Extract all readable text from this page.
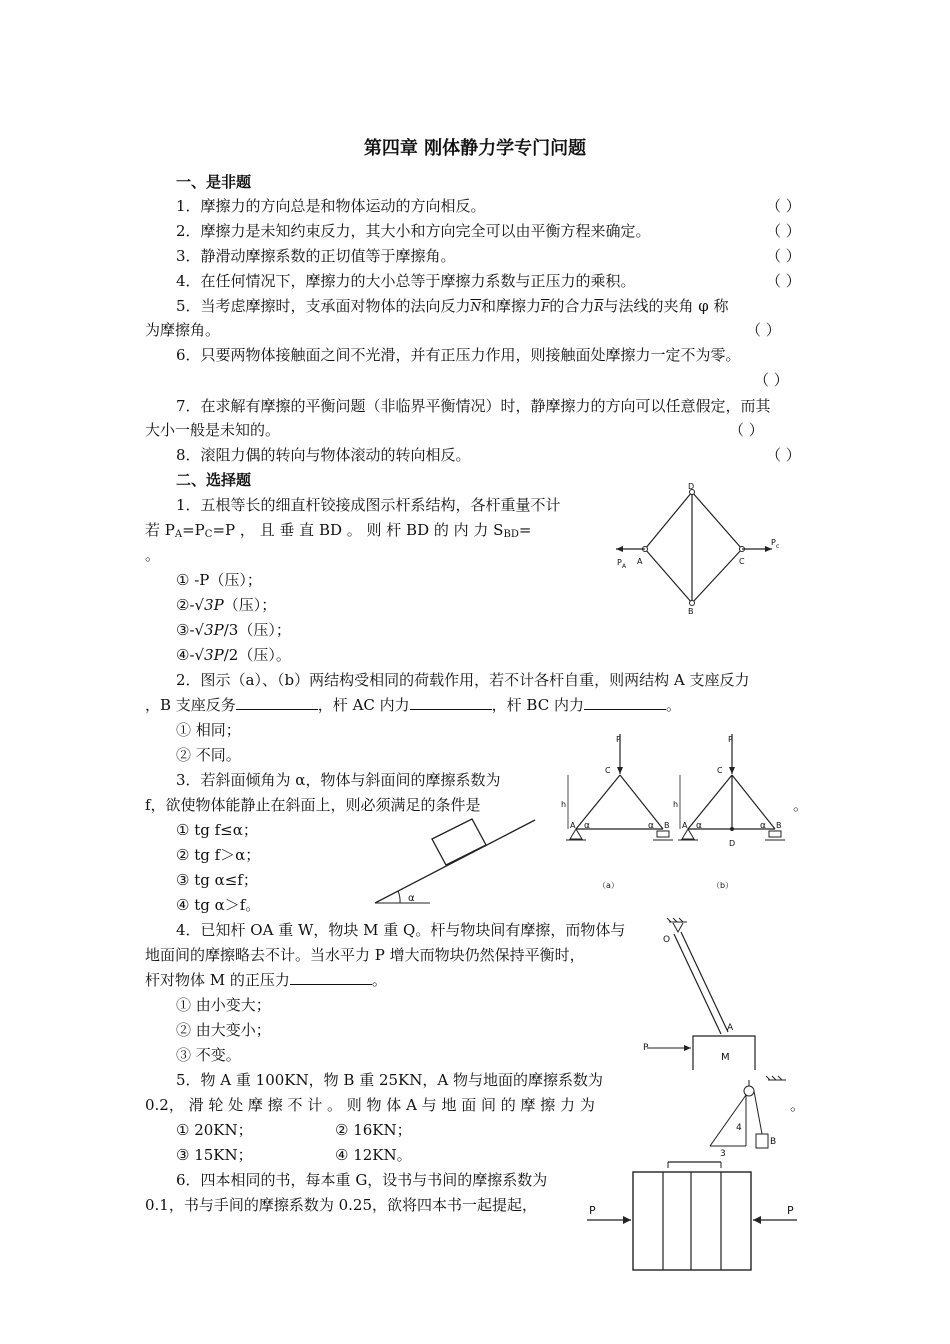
第四章 刚体静力学专门问题
一、是非题
1．摩擦力的方向总是和物体运动的方向相反。	（ ）
2．摩擦力是未知约束反力，其大小和方向完全可以由平衡方程来确定。	（ ）
3．静滑动摩擦系数的正切值等于摩擦角。	（ ）
4．在任何情况下，摩擦力的大小总等于摩擦力系数与正压力的乘积。	（ ）
5．当考虑摩擦时，支承面对物体的法向反力$\overline{N}$和摩擦力$\overline{F}$的合力$\overline{R}$与法线的夹角 φ 称
为摩擦角。	（ ）
6．只要两物体接触面之间不光滑，并有正压力作用，则接触面处摩擦力一定不为零。
（ ）
7．在求解有摩擦的平衡问题（非临界平衡情况）时，静摩擦力的方向可以任意假定，而其
大小一般是未知的。	（ ）
8．滚阻力偶的转向与物体滚动的转向相反。	（ ）
二、选择题
1．五根等长的细直杆铰接成图示杆系结构，各杆重量不计
若 $P_A=P_C=P$ ， 且 垂 直 BD 。 则 杆 BD 的 内 力 $S_{BD}=$
。
① -P（压）；
②-√3P（压）；
③-√3P/3（压）；
④-√3P/2（压）。
D
B
A	C
P A
P c
2．图示（a）、（b）两结构受相同的荷载作用，若不计各杆自重，则两结构 A 支座反力
，B 支座反务	，杆 AC 内力	，杆 BC 内力	。
① 相同；
② 不同。
P
C
h
A	B
α	α
（a）
P
C
h
A	B
D
α	α
（b）
3．若斜面倾角为 α，物体与斜面间的摩擦系数为
f，欲使物体能静止在斜面上，则必须满足的条件是	。
① tg f≤α；
② tg f＞α；
③ tg α≤f；
④ tg α＞f。	α
4．已知杆 OA 重 W，物块 M 重 Q。杆与物块间有摩擦，而物体与
地面间的摩擦略去不计。当水平力 P 增大而物块仍然保持平衡时，
杆对物体 M 的正压力	。
① 由小变大；
② 由大变小；
③ 不变。
O
A
M
P
5．物 A 重 100KN，物 B 重 25KN，A 物与地面的摩擦系数为
0.2， 滑 轮 处 摩 擦 不 计 。 则 物 体 A 与 地 面 间 的 摩 擦 力 为	。
① 20KN；	② 16KN；
③ 15KN；	④ 12KN。
B
4
3
6．四本相同的书，每本重 G，设书与书间的摩擦系数为
0.1，书与手间的摩擦系数为 0.25，欲将四本书一起提起，	P	P
